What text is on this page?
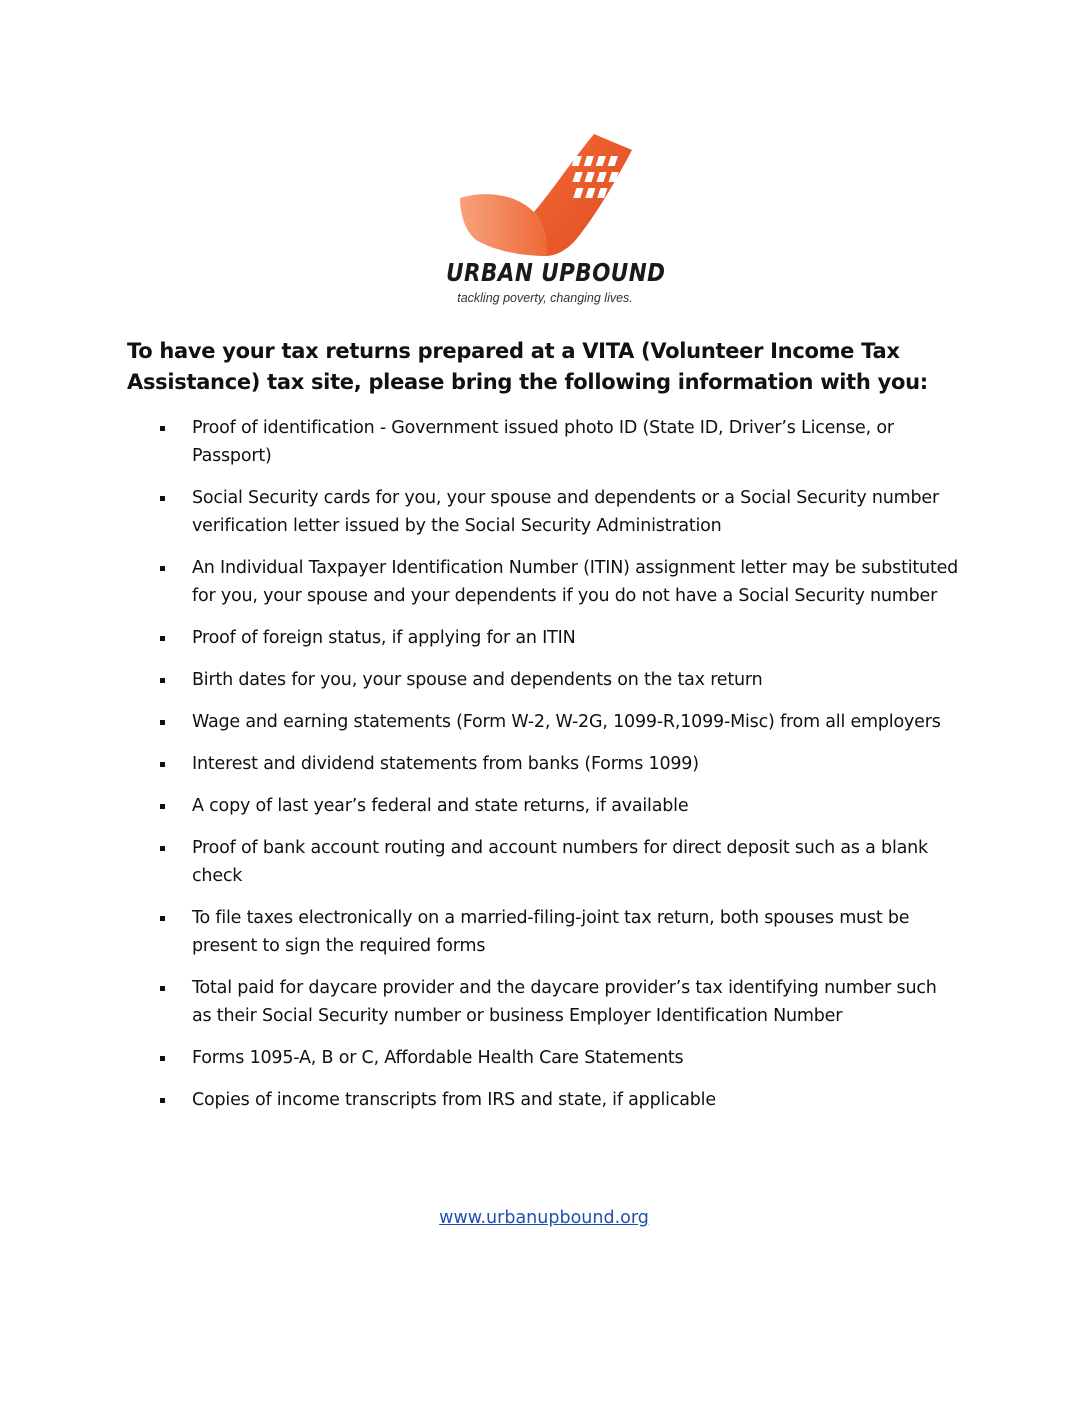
URBAN UPBOUND
tackling poverty, changing lives.
To have your tax returns prepared at a VITA (Volunteer Income Tax Assistance) tax site, please bring the following information with you:
Proof of identification - Government issued photo ID (State ID, Driver’s License, or Passport)
Social Security cards for you, your spouse and dependents or a Social Security number verification letter issued by the Social Security Administration
An Individual Taxpayer Identification Number (ITIN) assignment letter may be substituted for you, your spouse and your dependents if you do not have a Social Security number
Proof of foreign status, if applying for an ITIN
Birth dates for you, your spouse and dependents on the tax return
Wage and earning statements (Form W-2, W-2G, 1099-R,1099-Misc) from all employers
Interest and dividend statements from banks (Forms 1099)
A copy of last year’s federal and state returns, if available
Proof of bank account routing and account numbers for direct deposit such as a blank check
To file taxes electronically on a married-filing-joint tax return, both spouses must be present to sign the required forms
Total paid for daycare provider and the daycare provider’s tax identifying number such as their Social Security number or business Employer Identification Number
Forms 1095-A, B or C, Affordable Health Care Statements
Copies of income transcripts from IRS and state, if applicable
www.urbanupbound.org
